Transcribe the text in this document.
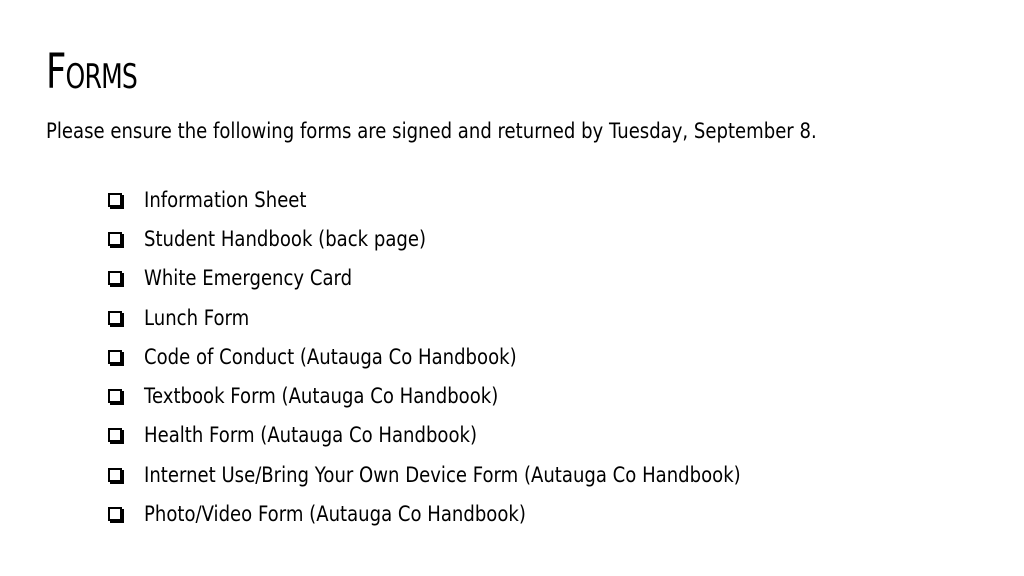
Forms
Please ensure the following forms are signed and returned by Tuesday, September 8.
Information Sheet
Student Handbook (back page)
White Emergency Card
Lunch Form
Code of Conduct (Autauga Co Handbook)
Textbook Form (Autauga Co Handbook)
Health Form (Autauga Co Handbook)
Internet Use/Bring Your Own Device Form (Autauga Co Handbook)
Photo/Video Form (Autauga Co Handbook)
